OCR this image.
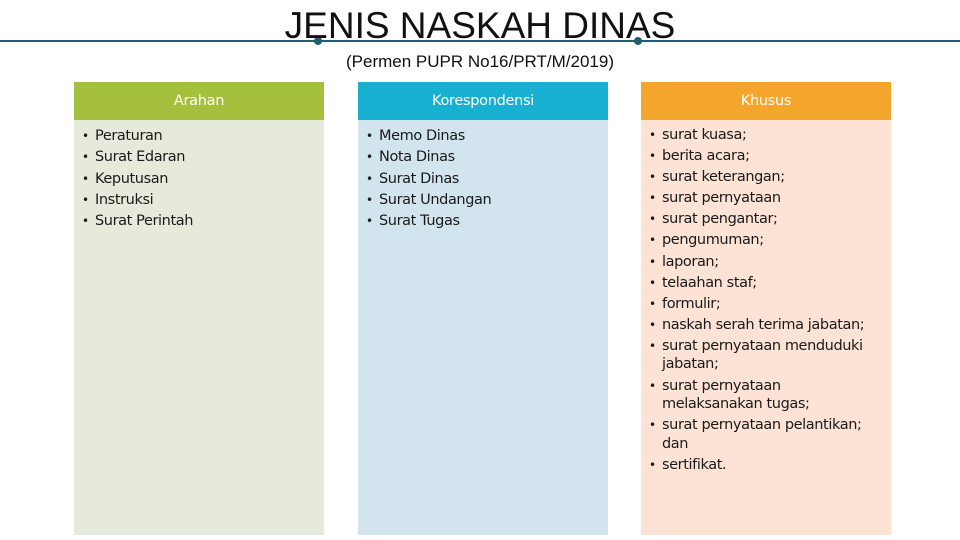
JENIS NASKAH DINAS
(Permen PUPR No16/PRT/M/2019)
Arahan
• Peraturan
• Surat Edaran
• Keputusan
• Instruksi
• Surat Perintah
Korespondensi
• Memo Dinas
• Nota Dinas
• Surat Dinas
• Surat Undangan
• Surat Tugas
Khusus
• surat kuasa;
• berita acara;
• surat keterangan;
• surat pernyataan
• surat pengantar;
• pengumuman;
• laporan;
• telaahan staf;
• formulir;
• naskah serah terima jabatan;
• surat pernyataan menduduki jabatan;
• surat pernyataan melaksanakan tugas;
• surat pernyataan pelantikan; dan
• sertifikat.
